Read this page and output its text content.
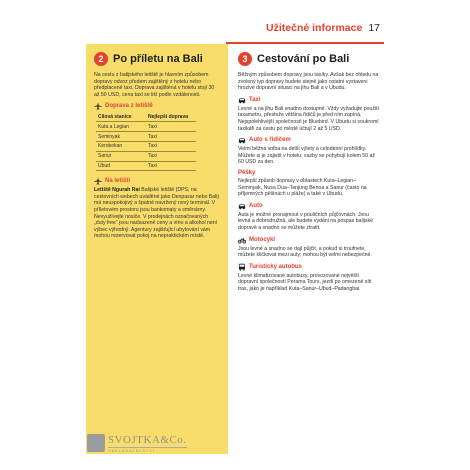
Užitečné informace 17
2 Po příletu na Bali

Na cestu z balijského letiště je hlavním způsobem dopravy odvoz předem zajištěný z hotelu nebo předplacené taxi. Doprava zajištěná v hotelu stojí 30 až 50 USD, cena taxi se liší podle vzdálenosti.

Doprava z letiště
Cílová stanice	Nejlepší doprava
Kuta a Legian	Taxi
Seminyak	Taxi
Kerobokan	Taxi
Sanur	Taxi
Ubud	Taxi
Na letišti

Letiště Ngurah Rai Balijské letiště (DPS; na cestovních webech uváděné jako Denpasar nebo Bali) má neuspokojivý a špatně navržený nový terminál. V příletovém prostoru jsou bankomaty a směnárny. Nevyužívejte nosiče. V prodejnách označovaných „duty free“ jsou nadsazené ceny a víno a alkohol není výbec výhodný. Agentury zajišťující ubytování vám mohou rezervovat pokoj na nepraktickém místě.

3 Cestování po Bali

Běžným způsobem dopravy jsou taxíky. Avšak bez ohledu na zvolený typ dopravy budete stejně jako ostatní vystaveni hrozivé dopravní situaci na jihu Bali a v Ubudu.

Taxi

Levné a na jihu Bali snadno dostupné. Vždy vyžadujte použití taxametru, přestože většina řidičů je před ním zapíná. Nejspolehlivější společností je Bluebird. V Ubudu si soukromí taxikáři za cestu po městě účtují 2 až 5 USD.

Auto s řidičem

Velmi běžná volba na delší výlety a celodenní prohlídky. Můžete si je zajistit v hotelu; sazby se pohybují kolem 50 až 60 USD za den.

Pěšky

Nejlepší způsob dopravy v oblastech Kuta–Legian–Seminyak, Nusa Dua–Tanjung Benoa a Sanur (často na příjemných pěšinách u pláže) a také v Ubudu.

Auto

Auta je možné pronajmout v pouličních půjčovnách. Jsou levná a dobrodružná, ale budete vydáni na pospas balijské dopravě a snadno se můžete ztratit.

Motocykl

Jsou levné a snadno se dají půjčit, a pokud si troufnete, můžete kličkovat mezi auty; mohou být velmi nebezpečné.

Turistický autobus

Levné klimatizované autobusy, provozované největší dopravní společností Perama Tours, jezdí po omezené síti tras, jako je například Kuta–Sanur–Ubud–Padangbai.

SVOJTKA&Co.
NAKLADATELSTVÍ
